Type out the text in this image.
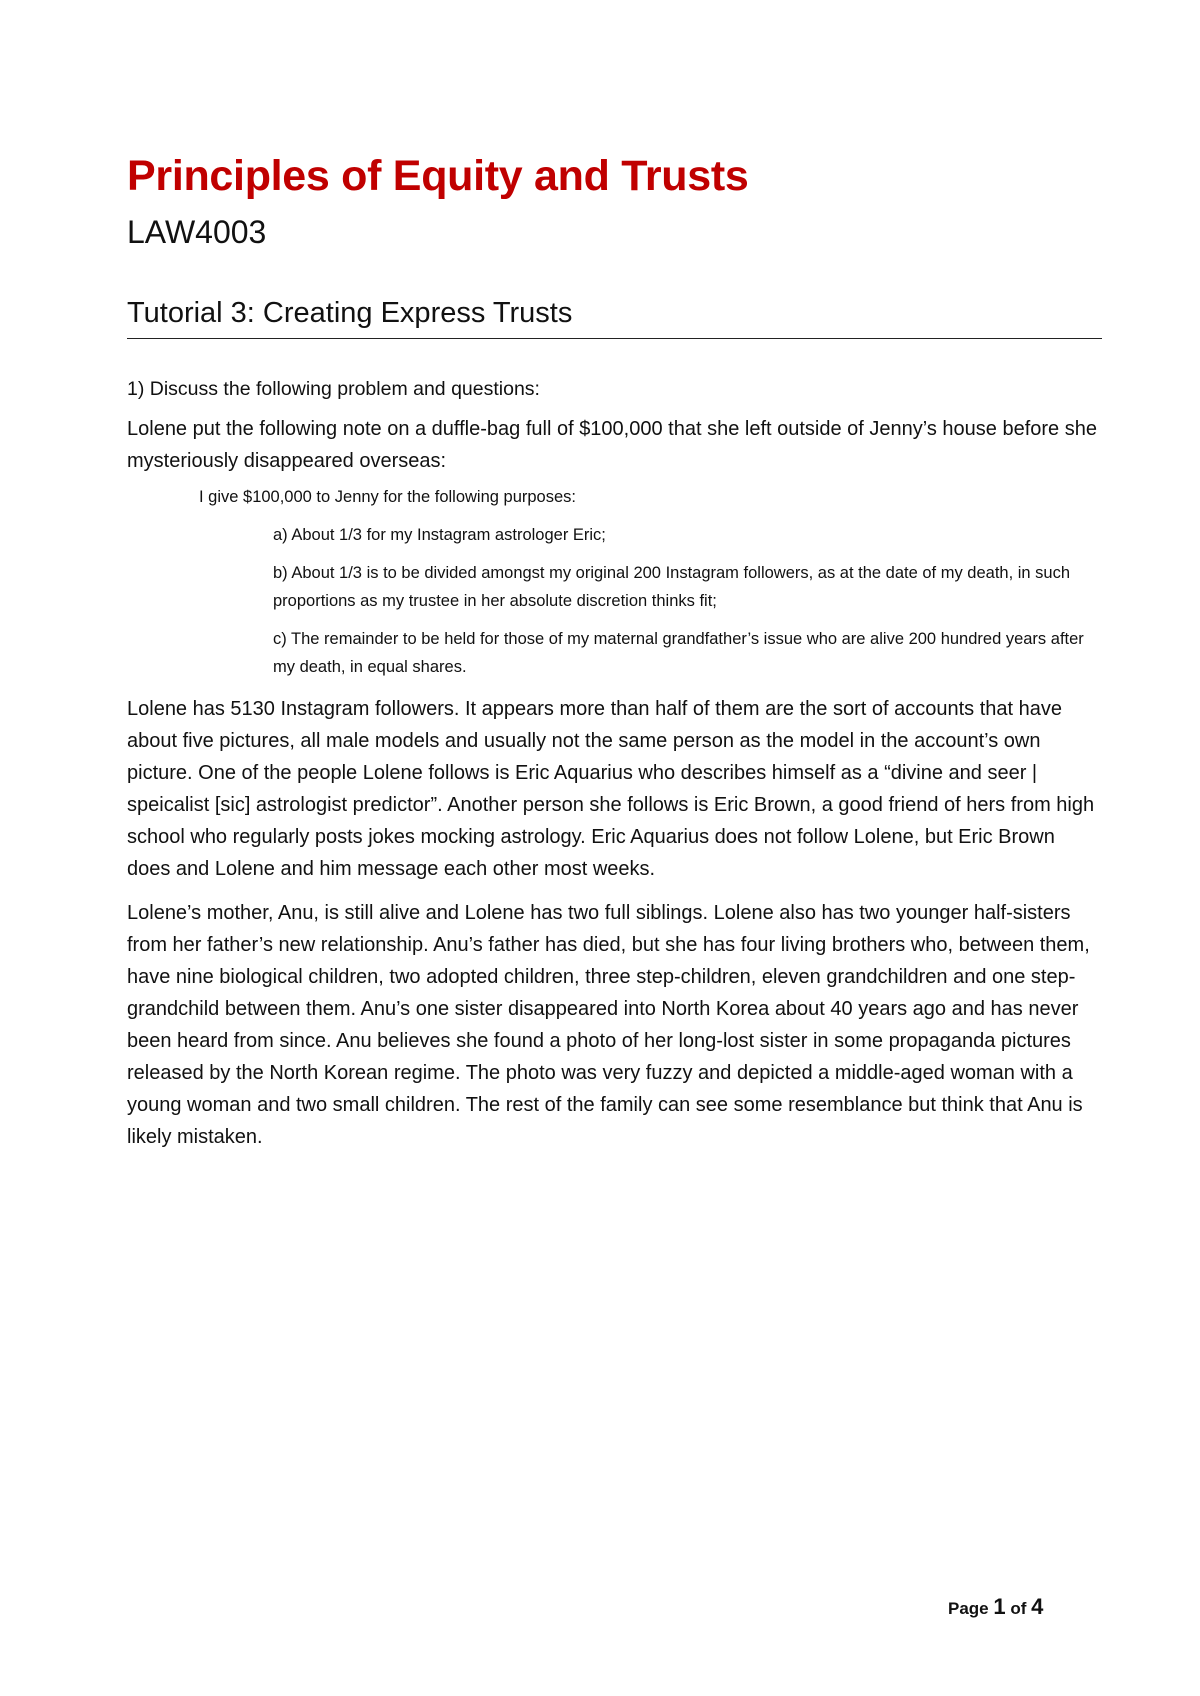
Principles of Equity and Trusts
LAW4003
Tutorial 3: Creating Express Trusts

1) Discuss the following problem and questions:

Lolene put the following note on a duffle-bag full of $100,000 that she left outside of Jenny’s house before she mysteriously disappeared overseas:

I give $100,000 to Jenny for the following purposes:

a) About 1/3 for my Instagram astrologer Eric;

b) About 1/3 is to be divided amongst my original 200 Instagram followers, as at the date of my death, in such proportions as my trustee in her absolute discretion thinks fit;

c) The remainder to be held for those of my maternal grandfather’s issue who are alive 200 hundred years after my death, in equal shares.

Lolene has 5130 Instagram followers. It appears more than half of them are the sort of accounts that have about five pictures, all male models and usually not the same person as the model in the account’s own picture. One of the people Lolene follows is Eric Aquarius who describes himself as a “divine and seer | speicalist [sic] astrologist predictor”. Another person she follows is Eric Brown, a good friend of hers from high school who regularly posts jokes mocking astrology. Eric Aquarius does not follow Lolene, but Eric Brown does and Lolene and him message each other most weeks.

Lolene’s mother, Anu, is still alive and Lolene has two full siblings. Lolene also has two younger half-sisters from her father’s new relationship. Anu’s father has died, but she has four living brothers who, between them, have nine biological children, two adopted children, three step-children, eleven grandchildren and one step-grandchild between them. Anu’s one sister disappeared into North Korea about 40 years ago and has never been heard from since. Anu believes she found a photo of her long-lost sister in some propaganda pictures released by the North Korean regime. The photo was very fuzzy and depicted a middle-aged woman with a young woman and two small children. The rest of the family can see some resemblance but think that Anu is likely mistaken.

Page 1 of 4
